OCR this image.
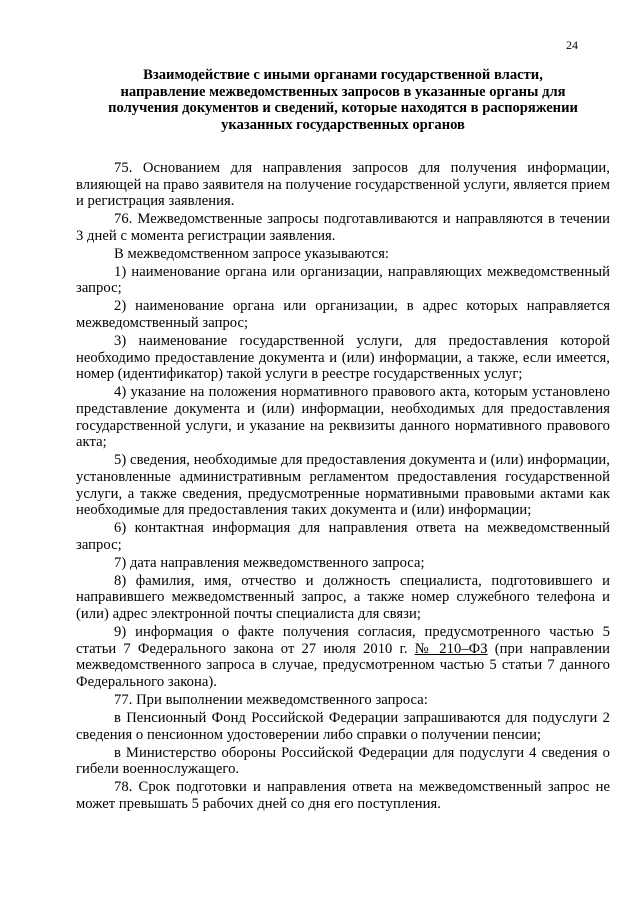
24
Взаимодействие с иными органами государственной власти,
направление межведомственных запросов в указанные органы для
получения документов и сведений, которые находятся в распоряжении
указанных государственных органов

75. Основанием для направления запросов для получения информации, влияющей на право заявителя на получение государственной услуги, является прием и регистрация заявления.

76. Межведомственные запросы подготавливаются и направляются в течении 3 дней с момента регистрации заявления.

В межведомственном запросе указываются:

1) наименование органа или организации, направляющих межведомственный запрос;

2) наименование органа или организации, в адрес которых направляется межведомственный запрос;

3) наименование государственной услуги, для предоставления которой необходимо предоставление документа и (или) информации, а также, если имеется, номер (идентификатор) такой услуги в реестре государственных услуг;

4) указание на положения нормативного правового акта, которым установлено представление документа и (или) информации, необходимых для предоставления государственной услуги, и указание на реквизиты данного нормативного правового акта;

5) сведения, необходимые для предоставления документа и (или) информации, установленные административным регламентом предоставления государственной услуги, а также сведения, предусмотренные нормативными правовыми актами как необходимые для предоставления таких документа и (или) информации;

6) контактная информация для направления ответа на межведомственный запрос;

7) дата направления межведомственного запроса;

8) фамилия, имя, отчество и должность специалиста, подготовившего и направившего межведомственный запрос, а также номер служебного телефона и (или) адрес электронной почты специалиста для связи;

9) информация о факте получения согласия, предусмотренного частью 5 статьи 7 Федерального закона от 27 июля 2010 г. № 210–ФЗ (при направлении межведомственного запроса в случае, предусмотренном частью 5 статьи 7 данного Федерального закона).

77. При выполнении межведомственного запроса:

в Пенсионный Фонд Российской Федерации запрашиваются для подуслуги 2 сведения о пенсионном удостоверении либо справки о получении пенсии;

в Министерство обороны Российской Федерации для подуслуги 4 сведения о гибели военнослужащего.

78. Срок подготовки и направления ответа на межведомственный запрос не может превышать 5 рабочих дней со дня его поступления.
